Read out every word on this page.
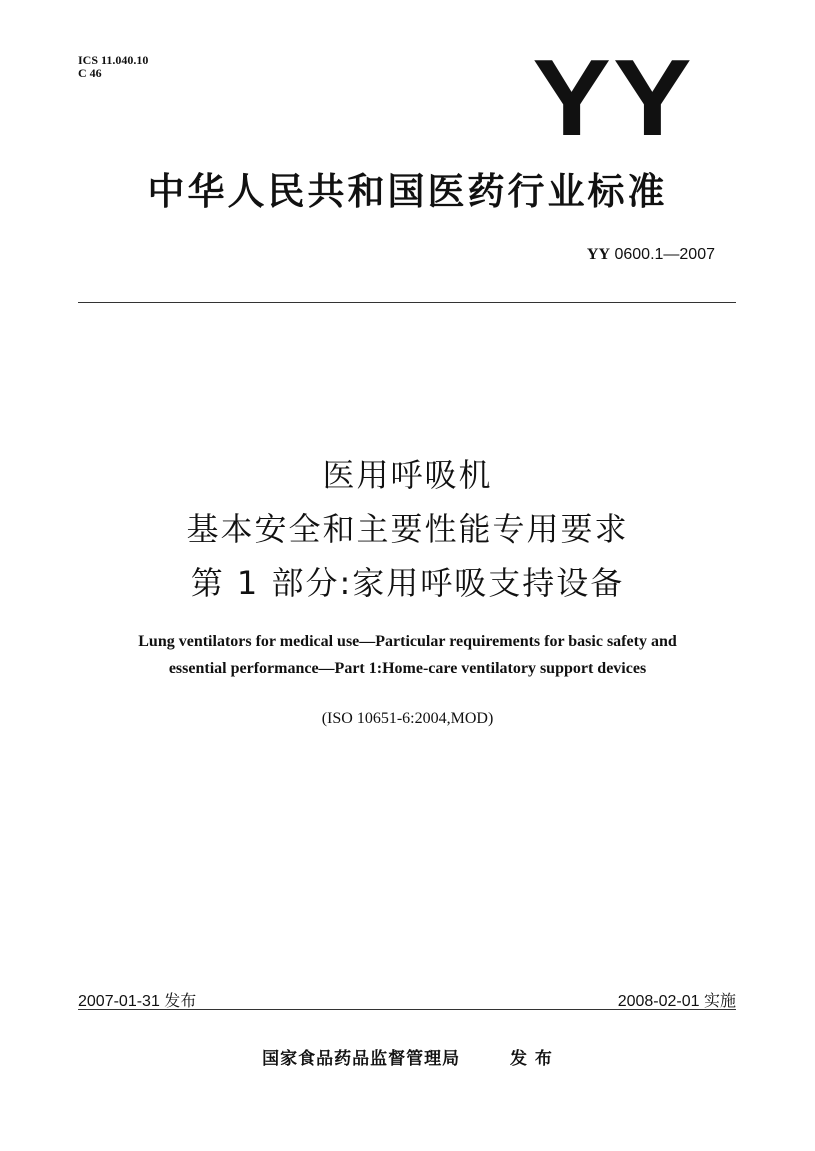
ICS 11.040.10
C 46	YY
中华人民共和国医药行业标准
YY 0600.1—2007
医用呼吸机
基本安全和主要性能专用要求
第 1 部分:家用呼吸支持设备
Lung ventilators for medical use—Particular requirements for basic safety and
essential performance—Part 1:Home-care ventilatory support devices
(ISO 10651-6:2004,MOD)
2007-01-31 发布	2008-02-01 实施
国家食品药品监督管理局	发 布
